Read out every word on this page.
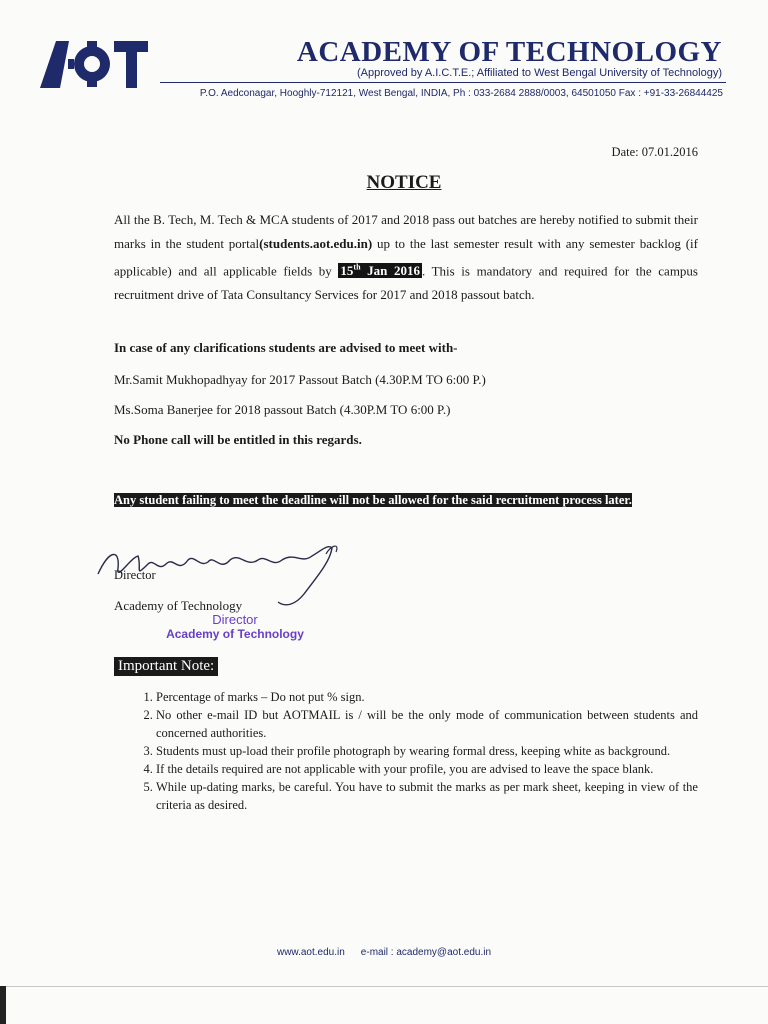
ACADEMY OF TECHNOLOGY
(Approved by A.I.C.T.E.; Affiliated to West Bengal University of Technology)
P.O. Aedconagar, Hooghly-712121, West Bengal, INDIA, Ph : 033-2684 2888/0003, 64501050 Fax : +91-33-26844425
Date: 07.01.2016
NOTICE
All the B. Tech, M. Tech & MCA students of 2017 and 2018 pass out batches are hereby notified to submit their marks in the student portal(students.aot.edu.in) up to the last semester result with any semester backlog (if applicable) and all applicable fields by 15th Jan 2016 . This is mandatory and required for the campus recruitment drive of Tata Consultancy Services for 2017 and 2018 passout batch.
In case of any clarifications students are advised to meet with-
Mr.Samit Mukhopadhyay for 2017 Passout Batch (4.30P.M TO 6:00 P.)
Ms.Soma Banerjee for 2018 passout Batch (4.30P.M TO 6:00 P.)
No Phone call will be entitled in this regards.
Any student failing to meet the deadline will not be allowed for the said recruitment process later.
Director
Academy of Technology
Director
Academy of Technology
Important Note:
1. Percentage of marks – Do not put % sign.
2. No other e-mail ID but AOTMAIL is / will be the only mode of communication between students and concerned authorities.
3. Students must up-load their profile photograph by wearing formal dress, keeping white as background.
4. If the details required are not applicable with your profile, you are advised to leave the space blank.
5. While up-dating marks, be careful. You have to submit the marks as per mark sheet, keeping in view of the criteria as desired.
www.aot.edu.in e-mail : academy@aot.edu.in
